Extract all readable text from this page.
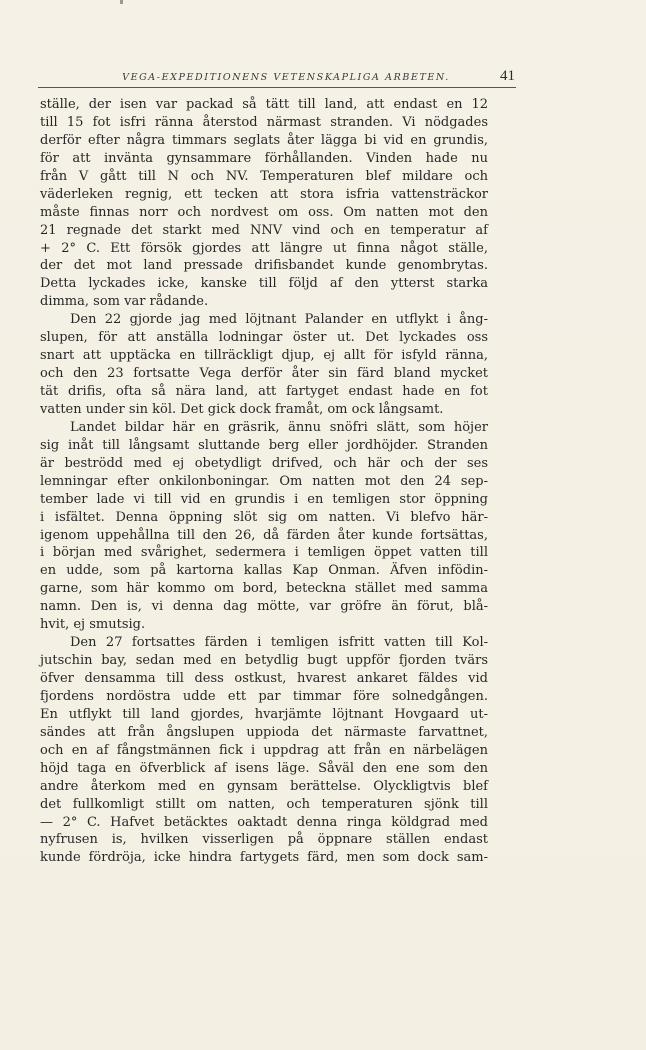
VEGA-EXPEDITIONENS VETENSKAPLIGA ARBETEN.	41
ställe, der isen var packad så tätt till land, att endast en 12
till 15 fot isfri ränna återstod närmast stranden. Vi nödgades
derför efter några timmars seglats åter lägga bi vid en grundis,
för att invänta gynsammare förhållanden. Vinden hade nu
från V gått till N och NV. Temperaturen blef mildare och
väderleken regnig, ett tecken att stora isfria vattensträckor
måste finnas norr och nordvest om oss. Om natten mot den
21 regnade det starkt med NNV vind och en temperatur af
+ 2° C. Ett försök gjordes att längre ut finna något ställe,
der det mot land pressade drifisbandet kunde genombrytas.
Detta lyckades icke, kanske till följd af den ytterst starka
dimma, som var rådande.
Den 22 gjorde jag med löjtnant Palander en utflykt i ång-
slupen, för att anställa lodningar öster ut. Det lyckades oss
snart att upptäcka en tillräckligt djup, ej allt för isfyld ränna,
och den 23 fortsatte Vega derför åter sin färd bland mycket
tät drifis, ofta så nära land, att fartyget endast hade en fot
vatten under sin köl. Det gick dock framåt, om ock långsamt.
Landet bildar här en gräsrik, ännu snöfri slätt, som höjer
sig inåt till långsamt sluttande berg eller jordhöjder. Stranden
är beströdd med ej obetydligt drifved, och här och der ses
lemningar efter onkilonboningar. Om natten mot den 24 sep-
tember lade vi till vid en grundis i en temligen stor öppning
i isfältet. Denna öppning slöt sig om natten. Vi blefvo här-
igenom uppehållna till den 26, då färden åter kunde fortsättas,
i början med svårighet, sedermera i temligen öppet vatten till
en udde, som på kartorna kallas Kap Onman. Äfven infödin-
garne, som här kommo om bord, beteckna stället med samma
namn. Den is, vi denna dag mötte, var gröfre än förut, blå-
hvit, ej smutsig.
Den 27 fortsattes färden i temligen isfritt vatten till Kol-
jutschin bay, sedan med en betydlig bugt uppför fjorden tvärs
öfver densamma till dess ostkust, hvarest ankaret fäldes vid
fjordens nordöstra udde ett par timmar före solnedgången.
En utflykt till land gjordes, hvarjämte löjtnant Hovgaard ut-
sändes att från ångslupen uppioda det närmaste farvattnet,
och en af fångstmännen fick i uppdrag att från en närbelägen
höjd taga en öfverblick af isens läge. Såväl den ene som den
andre återkom med en gynsam berättelse. Olyckligtvis blef
det fullkomligt stillt om natten, och temperaturen sjönk till
— 2° C. Hafvet betäcktes oaktadt denna ringa köldgrad med
nyfrusen is, hvilken visserligen på öppnare ställen endast
kunde fördröja, icke hindra fartygets färd, men som dock sam-
